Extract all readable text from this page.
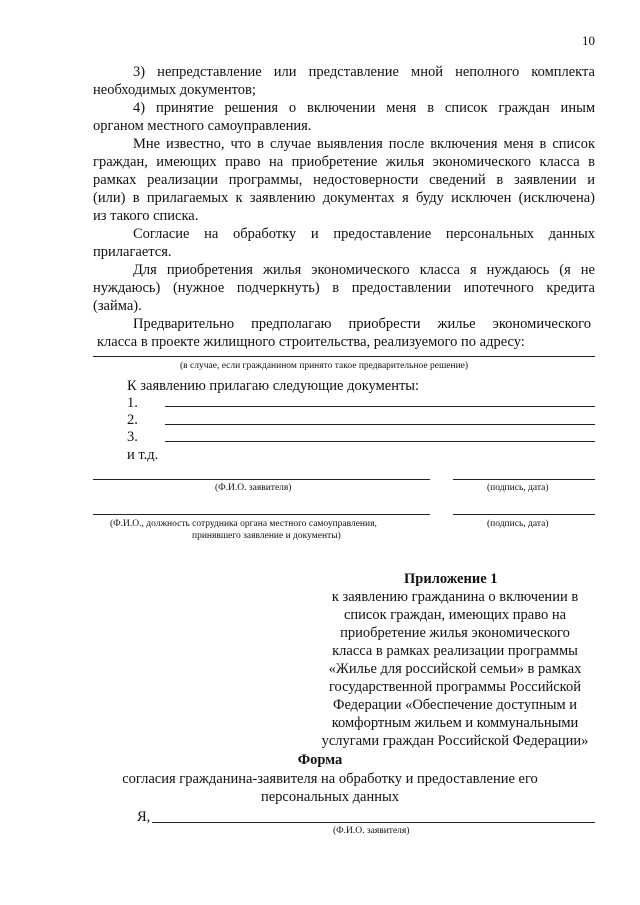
10
3) непредставление или представление мной неполного комплекта
необходимых документов;
4) принятие решения о включении меня в список граждан иным
органом местного самоуправления.
Мне известно, что в случае выявления после включения меня в список
граждан, имеющих право на приобретение жилья экономического класса в
рамках реализации программы, недостоверности сведений в заявлении и
(или) в прилагаемых к заявлению документах я буду исключен (исключена)
из такого списка.
Согласие на обработку и предоставление персональных данных
прилагается.
Для приобретения жилья экономического класса я нуждаюсь (я не
нуждаюсь) (нужное подчеркнуть) в предоставлении ипотечного кредита
(займа).
Предварительно предполагаю приобрести жилье экономического
класса в проекте жилищного строительства, реализуемого по адресу:
(в случае, если гражданином принято такое предварительное решение)
К заявлению прилагаю следующие документы:
1.
2.
3.
и т.д.
(Ф.И.О. заявителя)	(подпись, дата)
(Ф.И.О., должность сотрудника органа местного самоуправления,
принявшего заявление и документы)
(подпись, дата)
Приложение 1
к заявлению гражданина о включении в
список граждан, имеющих право на
приобретение жилья экономического
класса в рамках реализации программы
«Жилье для российской семьи» в рамках
государственной программы Российской
Федерации «Обеспечение доступным и
комфортным жильем и коммунальными
услугами граждан Российской Федерации»
Форма
согласия гражданина-заявителя на обработку и предоставление его
персональных данных
Я,
(Ф.И.О. заявителя)
